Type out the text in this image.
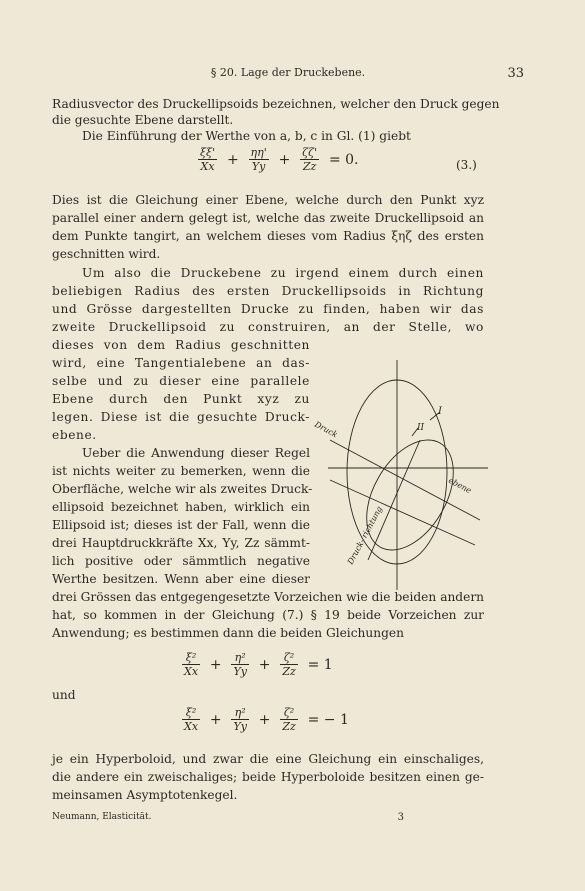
§ 20. Lage der Druckebene.	33
Radiusvector des Druckellipsoids bezeichnen, welcher den Druck gegen
die gesuchte Ebene darstellt.
Die Einführung der Werthe von a, b, c in Gl. (1) giebt
$\frac{\xi\xi'}{Xx} + \frac{\eta\eta'}{Yy} + \frac{\zeta\zeta'}{Zz} = 0$.	(3.)
Dies ist die Gleichung einer Ebene, welche durch den Punkt xyz
parallel einer andern gelegt ist, welche das zweite Druckellipsoid an
dem Punkte tangirt, an welchem dieses vom Radius ξηζ des ersten
geschnitten wird.
Um also die Druckebene zu irgend einem durch einen
beliebigen Radius des ersten Druckellipsoids in Richtung
und Grösse dargestellten Drucke zu finden, haben wir das
zweite Druckellipsoid zu construiren, an der Stelle, wo
dieses von dem Radius geschnitten
wird, eine Tangentialebene an das-
selbe und zu dieser eine parallele
Ebene durch den Punkt xyz zu
legen. Diese ist die gesuchte Druck-
ebene.
Ueber die Anwendung dieser Regel
ist nichts weiter zu bemerken, wenn die
Oberfläche, welche wir als zweites Druck-
ellipsoid bezeichnet haben, wirklich ein
Ellipsoid ist; dieses ist der Fall, wenn die
drei Hauptdruckkräfte Xx, Yy, Zz sämmt-
lich positive oder sämmtlich negative
Werthe besitzen. Wenn aber eine dieser
drei Grössen das entgegengesetzte Vorzeichen wie die beiden andern
hat, so kommen in der Gleichung (7.) § 19 beide Vorzeichen zur
Anwendung; es bestimmen dann die beiden Gleichungen
$\frac{\text{ξ²}}{Xx} + \frac{\text{η²}}{Yy} + \frac{\text{ζ²}}{Zz} = 1$
und
$\frac{\text{ξ²}}{Xx} + \frac{\text{η²}}{Yy} + \frac{\text{ζ²}}{Zz}$ = − 1
je ein Hyperboloid, und zwar die eine Gleichung ein einschaliges,
die andere ein zweischaliges; beide Hyperboloide besitzen einen ge-
meinsamen Asymptotenkegel.
I
II
Druck
ebene
Druck- richtung
Neumann, Elasticität.	3
